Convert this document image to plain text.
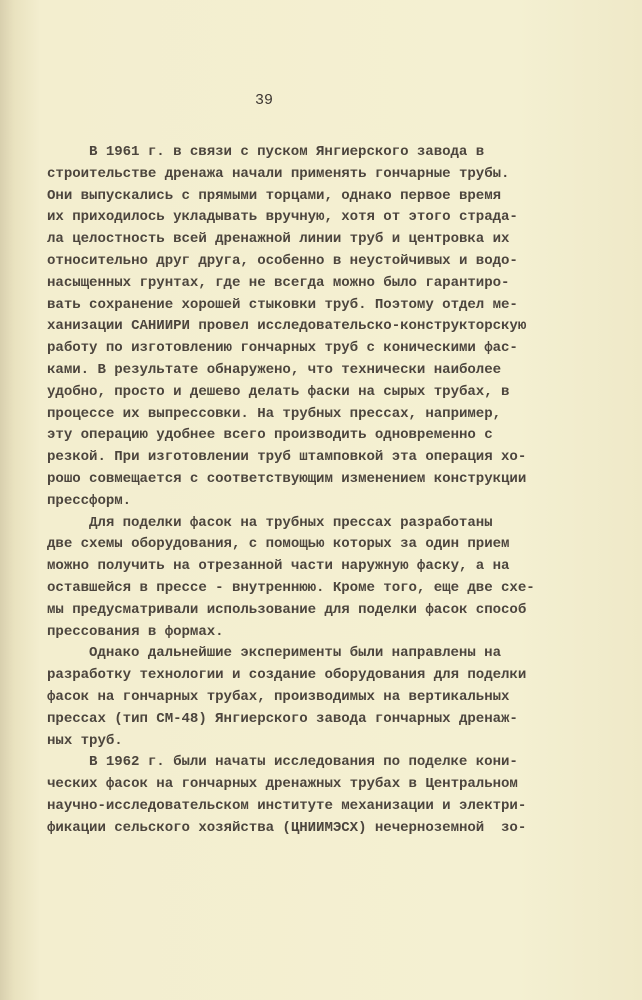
39
В 1961 г. в связи с пуском Янгиерского завода в
строительстве дренажа начали применять гончарные трубы.
Они выпускались с прямыми торцами, однако первое время
их приходилось укладывать вручную, хотя от этого страда-
ла целостность всей дренажной линии труб и центровка их
относительно друг друга, особенно в неустойчивых и водо-
насыщенных грунтах, где не всегда можно было гарантиро-
вать сохранение хорошей стыковки труб. Поэтому отдел ме-
ханизации САНИИРИ провел исследовательско-конструкторскую
работу по изготовлению гончарных труб с коническими фас-
ками. В результате обнаружено, что технически наиболее
удобно, просто и дешево делать фаски на сырых трубах, в
процессе их выпрессовки. На трубных прессах, например,
эту операцию удобнее всего производить одновременно с
резкой. При изготовлении труб штамповкой эта операция хо-
рошо совмещается с соответствующим изменением конструкции
прессформ.
Для поделки фасок на трубных прессах разработаны
две схемы оборудования, с помощью которых за один прием
можно получить на отрезанной части наружную фаску, а на
оставшейся в прессе - внутреннюю. Кроме того, еще две схе-
мы предусматривали использование для поделки фасок способ
прессования в формах.
Однако дальнейшие эксперименты были направлены на
разработку технологии и создание оборудования для поделки
фасок на гончарных трубах, производимых на вертикальных
прессах (тип СМ-48) Янгиерского завода гончарных дренаж-
ных труб.
В 1962 г. были начаты исследования по поделке кони-
ческих фасок на гончарных дренажных трубах в Центральном
научно-исследовательском институте механизации и электри-
фикации сельского хозяйства (ЦНИИМЭСХ) нечерноземной  зо-
